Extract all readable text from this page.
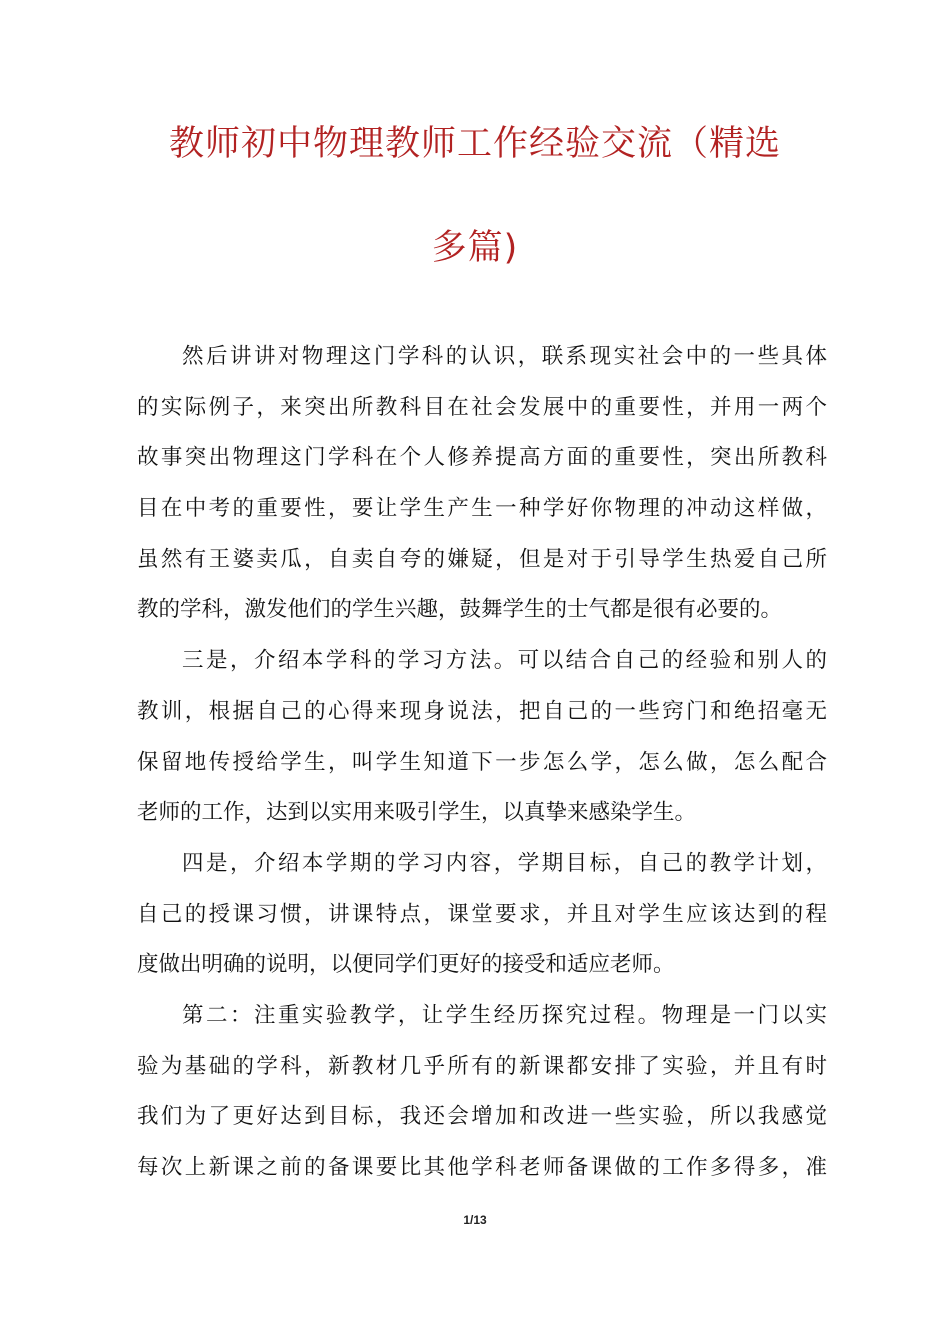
教师初中物理教师工作经验交流（精选
多篇)
然后讲讲对物理这门学科的认识，联系现实社会中的一些具体
的实际例子，来突出所教科目在社会发展中的重要性，并用一两个
故事突出物理这门学科在个人修养提高方面的重要性，突出所教科
目在中考的重要性，要让学生产生一种学好你物理的冲动这样做，
虽然有王婆卖瓜，自卖自夸的嫌疑，但是对于引导学生热爱自己所
教的学科，激发他们的学生兴趣，鼓舞学生的士气都是很有必要的。
三是，介绍本学科的学习方法。可以结合自己的经验和别人的
教训，根据自己的心得来现身说法，把自己的一些窍门和绝招毫无
保留地传授给学生，叫学生知道下一步怎么学，怎么做，怎么配合
老师的工作，达到以实用来吸引学生，以真挚来感染学生。
四是，介绍本学期的学习内容，学期目标，自己的教学计划，
自己的授课习惯，讲课特点，课堂要求，并且对学生应该达到的程
度做出明确的说明，以便同学们更好的接受和适应老师。
第二：注重实验教学，让学生经历探究过程。物理是一门以实
验为基础的学科，新教材几乎所有的新课都安排了实验，并且有时
我们为了更好达到目标，我还会增加和改进一些实验，所以我感觉
每次上新课之前的备课要比其他学科老师备课做的工作多得多，准
1/13
